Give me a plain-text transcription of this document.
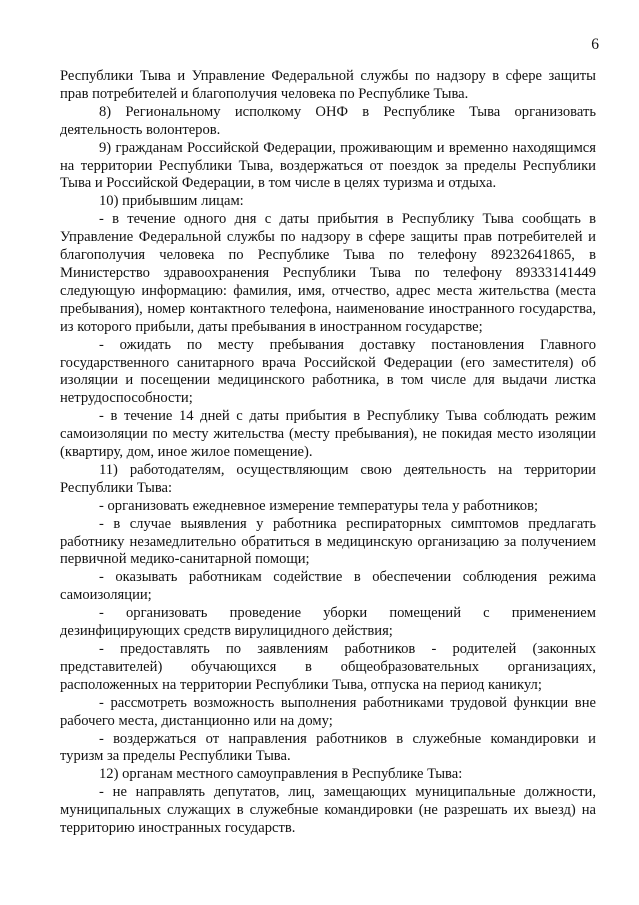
6

Республики Тыва и Управление Федеральной службы по надзору в сфере защиты прав потребителей и благополучия человека по Республике Тыва.

8) Региональному исполкому ОНФ в Республике Тыва организовать деятельность волонтеров.

9) гражданам Российской Федерации, проживающим и временно находящимся на территории Республики Тыва, воздержаться от поездок за пределы Республики Тыва и Российской Федерации, в том числе в целях туризма и отдыха.

10) прибывшим лицам:

- в течение одного дня с даты прибытия в Республику Тыва сообщать в Управление Федеральной службы по надзору в сфере защиты прав потребителей и благополучия человека по Республике Тыва по телефону 89232641865, в Министерство здравоохранения Республики Тыва по телефону 89333141449 следующую информацию: фамилия, имя, отчество, адрес места жительства (места пребывания), номер контактного телефона, наименование иностранного государства, из которого прибыли, даты пребывания в иностранном государстве;

- ожидать по месту пребывания доставку постановления Главного государственного санитарного врача Российской Федерации (его заместителя) об изоляции и посещении медицинского работника, в том числе для выдачи листка нетрудоспособности;

- в течение 14 дней с даты прибытия в Республику Тыва соблюдать режим самоизоляции по месту жительства (месту пребывания), не покидая место изоляции (квартиру, дом, иное жилое помещение).

11) работодателям, осуществляющим свою деятельность на территории Республики Тыва:

- организовать ежедневное измерение температуры тела у работников;

- в случае выявления у работника респираторных симптомов предлагать работнику незамедлительно обратиться в медицинскую организацию за получением первичной медико-санитарной помощи;

- оказывать работникам содействие в обеспечении соблюдения режима самоизоляции;

- организовать проведение уборки помещений с применением дезинфицирующих средств вирулицидного действия;

- предоставлять по заявлениям работников - родителей (законных представителей) обучающихся в общеобразовательных организациях, расположенных на территории Республики Тыва, отпуска на период каникул;

- рассмотреть возможность выполнения работниками трудовой функции вне рабочего места, дистанционно или на дому;

- воздержаться от направления работников в служебные командировки и туризм за пределы Республики Тыва.

12) органам местного самоуправления в Республике Тыва:

- не направлять депутатов, лиц, замещающих муниципальные должности, муниципальных служащих в служебные командировки (не разрешать их выезд) на территорию иностранных государств.
